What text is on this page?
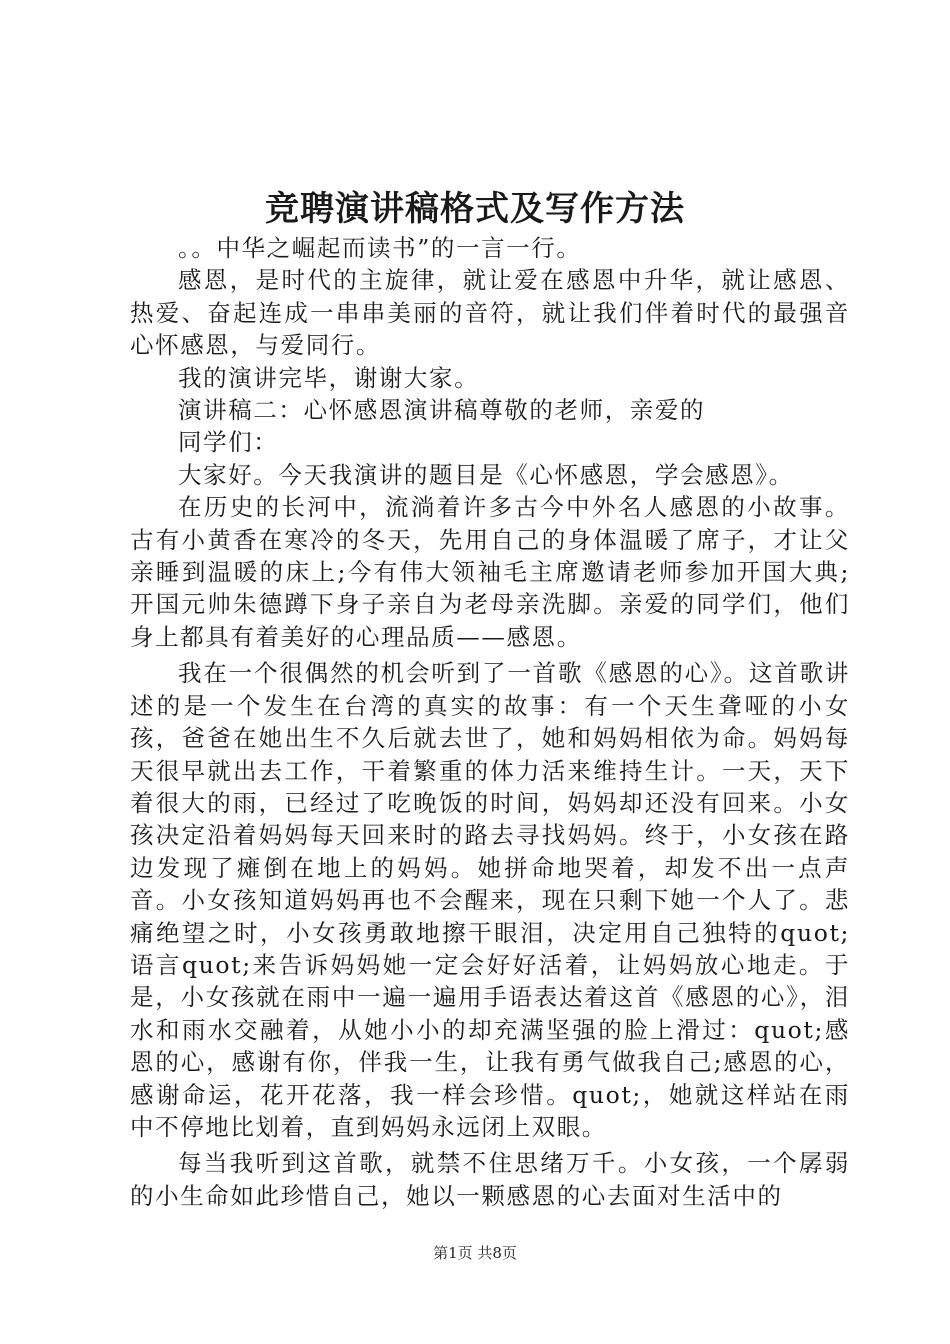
竞聘演讲稿格式及写作方法

。。中华之崛起而读书”的一言一行。

感恩，是时代的主旋律，就让爱在感恩中升华，就让感恩、热爱、奋起连成一串串美丽的音符，就让我们伴着时代的最强音心怀感恩，与爱同行。

我的演讲完毕，谢谢大家。

演讲稿二：心怀感恩演讲稿尊敬的老师，亲爱的

同学们：

大家好。今天我演讲的题目是《心怀感恩，学会感恩》。

在历史的长河中，流淌着许多古今中外名人感恩的小故事。古有小黄香在寒冷的冬天，先用自己的身体温暖了席子，才让父亲睡到温暖的床上;今有伟大领袖毛主席邀请老师参加开国大典;开国元帅朱德蹲下身子亲自为老母亲洗脚。亲爱的同学们，他们身上都具有着美好的心理品质——感恩。

我在一个很偶然的机会听到了一首歌《感恩的心》。这首歌讲述的是一个发生在台湾的真实的故事：有一个天生聋哑的小女孩，爸爸在她出生不久后就去世了，她和妈妈相依为命。妈妈每天很早就出去工作，干着繁重的体力活来维持生计。一天，天下着很大的雨，已经过了吃晚饭的时间，妈妈却还没有回来。小女孩决定沿着妈妈每天回来时的路去寻找妈妈。终于，小女孩在路边发现了瘫倒在地上的妈妈。她拼命地哭着，却发不出一点声音。小女孩知道妈妈再也不会醒来，现在只剩下她一个人了。悲痛绝望之时，小女孩勇敢地擦干眼泪，决定用自己独特的quot;语言quot;来告诉妈妈她一定会好好活着，让妈妈放心地走。于是，小女孩就在雨中一遍一遍用手语表达着这首《感恩的心》，泪水和雨水交融着，从她小小的却充满坚强的脸上滑过：quot;感恩的心，感谢有你，伴我一生，让我有勇气做我自己;感恩的心，感谢命运，花开花落，我一样会珍惜。quot;，她就这样站在雨中不停地比划着，直到妈妈永远闭上双眼。

每当我听到这首歌，就禁不住思绪万千。小女孩，一个孱弱的小生命如此珍惜自己，她以一颗感恩的心去面对生活中的

第1页 共8页
